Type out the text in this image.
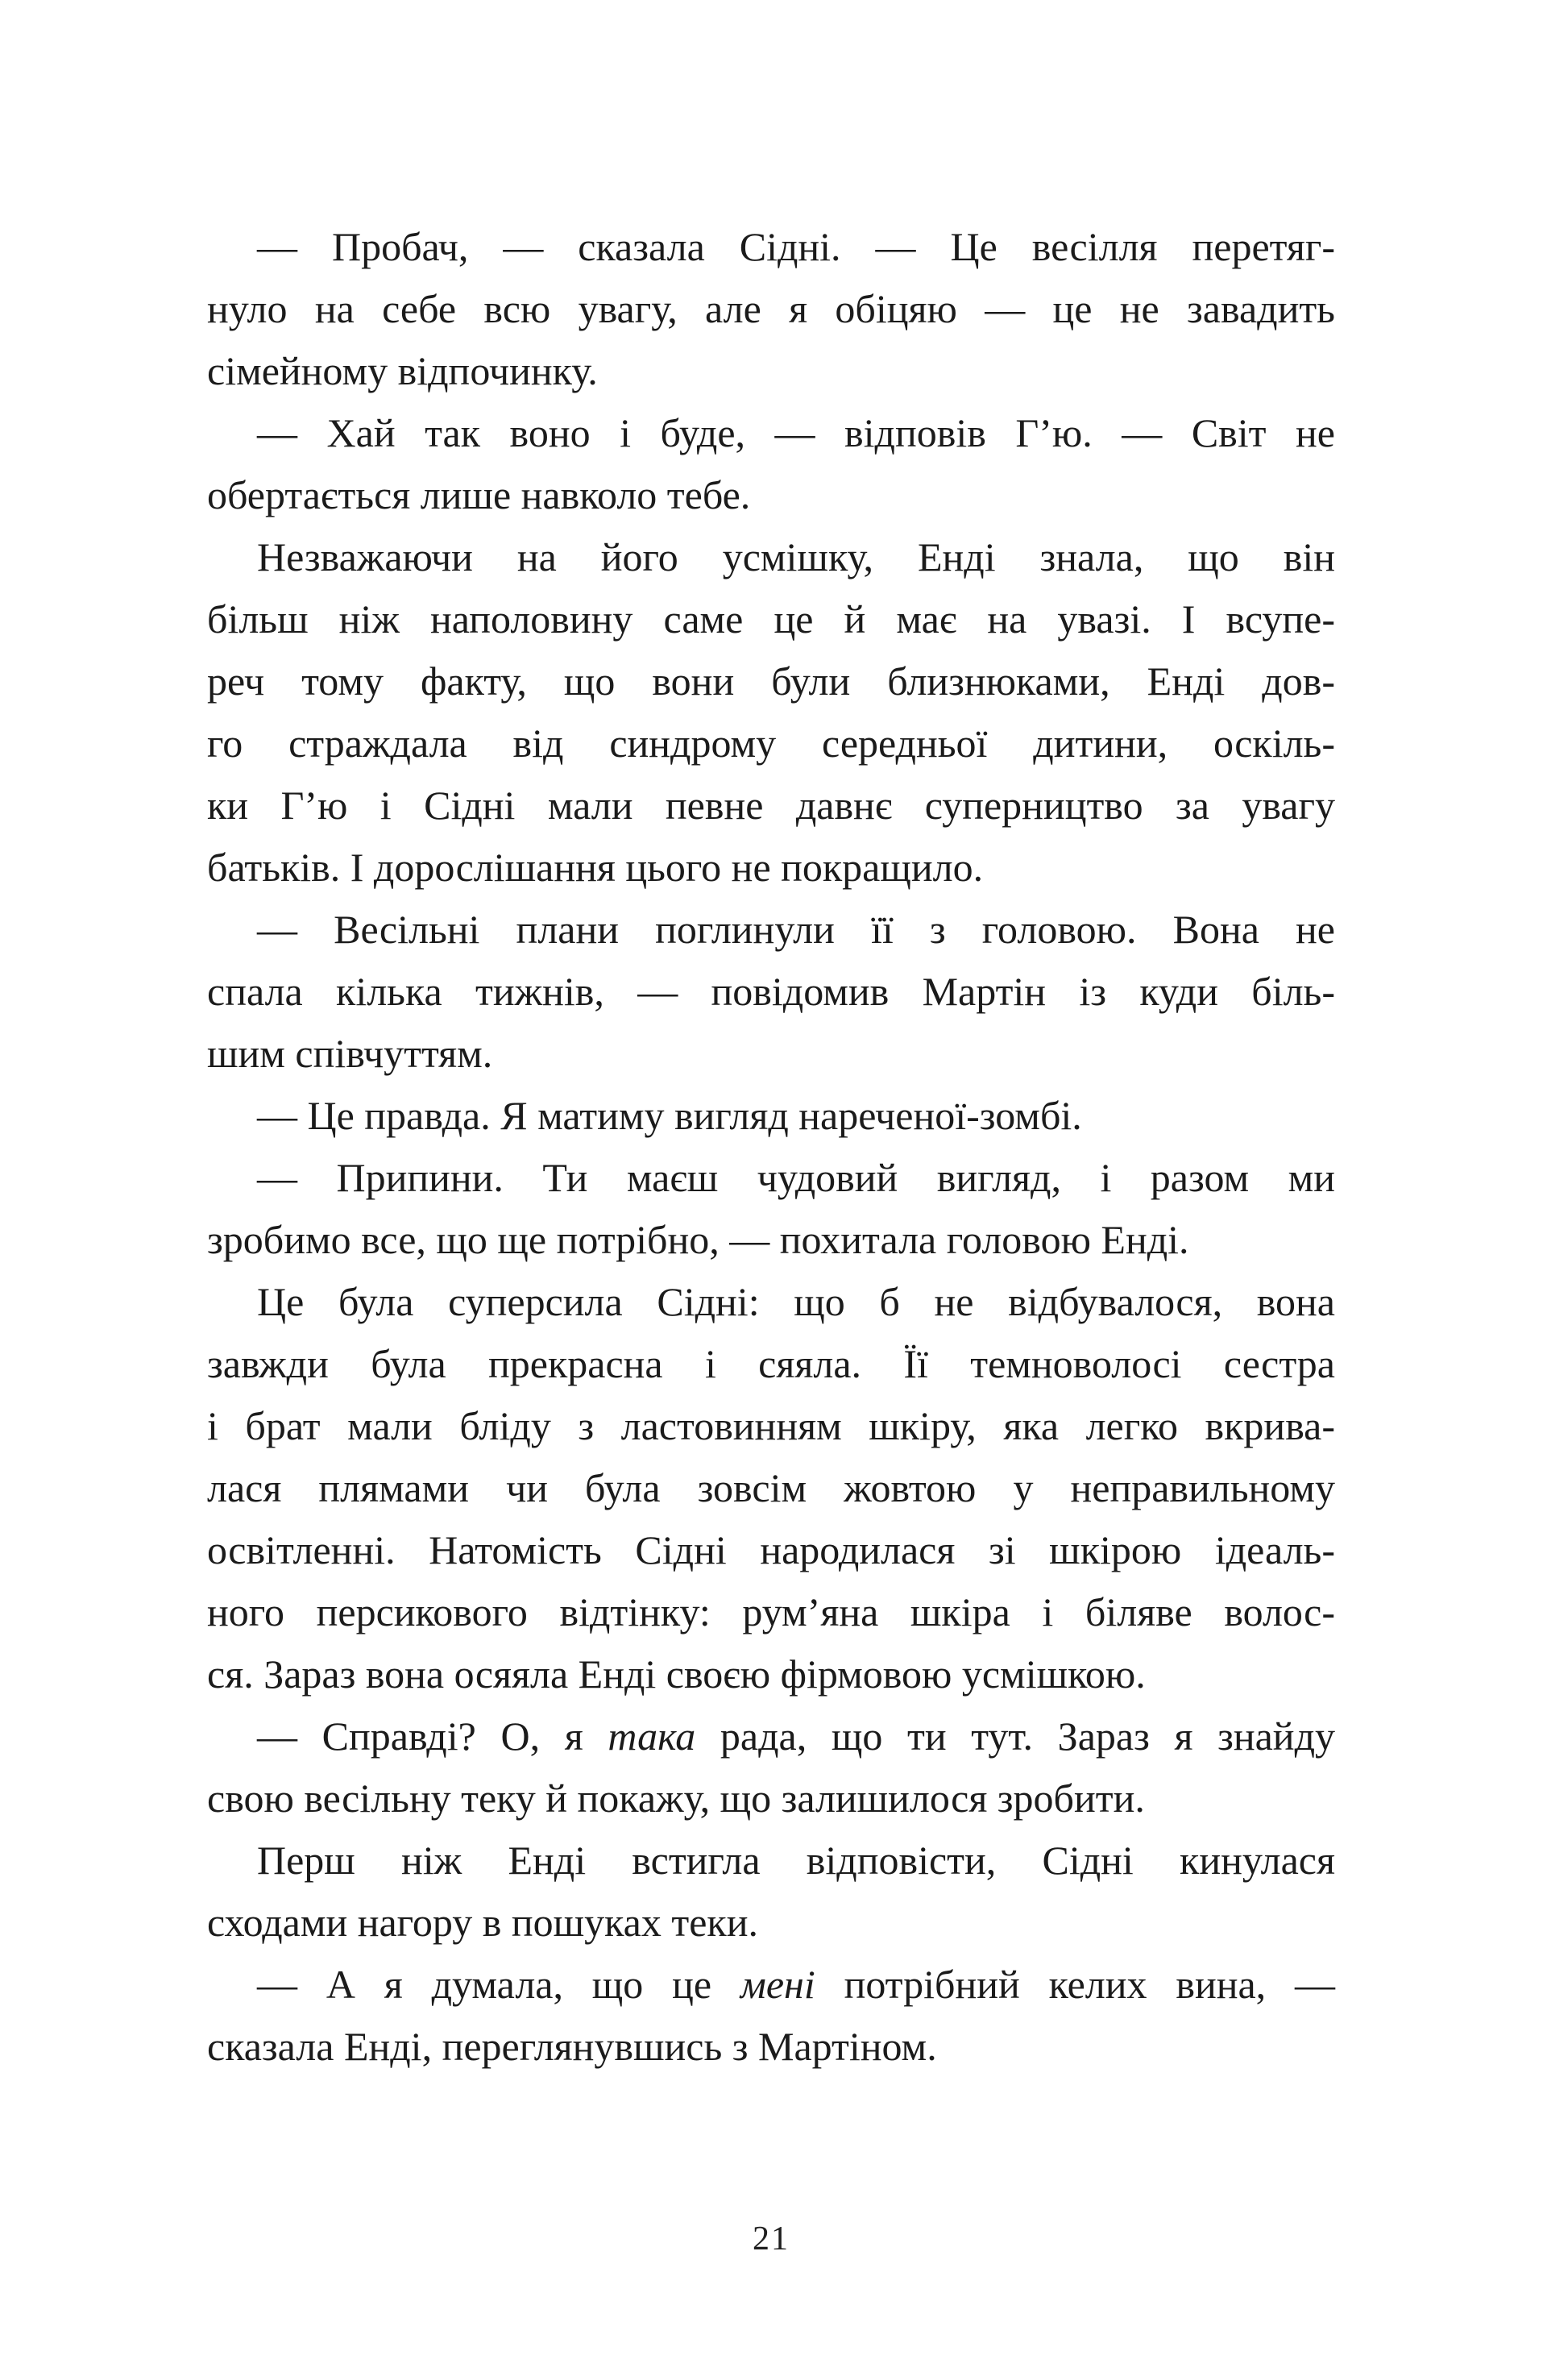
— Пробач, — сказала Сідні. — Це весілля перетяг-
нуло на себе всю увагу, але я обіцяю — це не завадить
сімейному відпочинку.
— Хай так воно і буде, — відповів Г’ю. — Світ не
обертається лише навколо тебе.
Незважаючи на його усмішку, Енді знала, що він
більш ніж наполовину саме це й має на увазі. І всупе-
реч тому факту, що вони були близнюками, Енді дов-
го страждала від синдрому середньої дитини, оскіль-
ки Г’ю і Сідні мали певне давнє суперництво за увагу
батьків. І дорослішання цього не покращило.
— Весільні плани поглинули її з головою. Вона не
спала кілька тижнів, — повідомив Мартін із куди біль-
шим співчуттям.
— Це правда. Я матиму вигляд нареченої-зомбі.
— Припини. Ти маєш чудовий вигляд, і разом ми
зробимо все, що ще потрібно, — похитала головою Енді.
Це була суперсила Сідні: що б не відбувалося, вона
завжди була прекрасна і сяяла. Її темноволосі сестра
і брат мали бліду з ластовинням шкіру, яка легко вкрива-
лася плямами чи була зовсім жовтою у неправильному
освітленні. Натомість Сідні народилася зі шкірою ідеаль-
ного персикового відтінку: рум’яна шкіра і біляве волос-
ся. Зараз вона осяяла Енді своєю фірмовою усмішкою.
— Справді? О, я така рада, що ти тут. Зараз я знайду
свою весільну теку й покажу, що залишилося зробити.
Перш ніж Енді встигла відповісти, Сідні кинулася
сходами нагору в пошуках теки.
— А я думала, що це мені потрібний келих вина, —
сказала Енді, переглянувшись з Мартіном.
21
